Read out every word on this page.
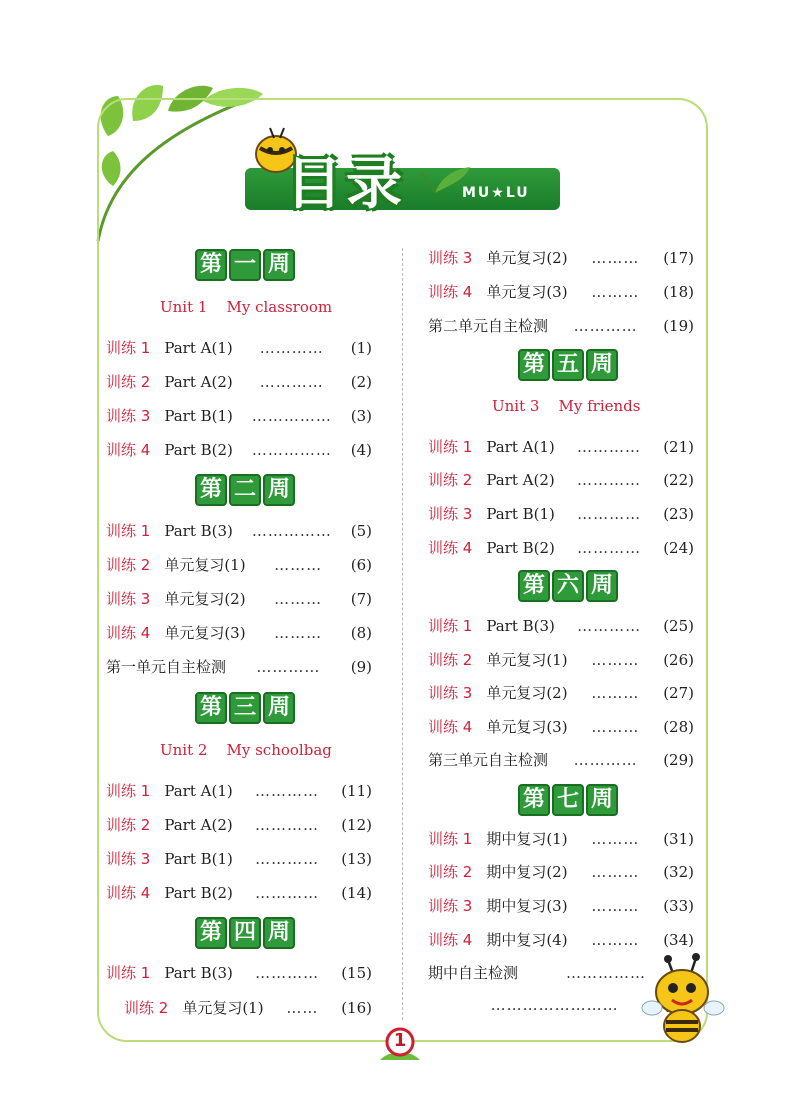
目录	MU★LU
第 一 周
Unit 1    My classroom
训练 1 Part A(1)	…………	(1)
训练 2 Part A(2)	…………	(2)
训练 3 Part B(1)	……………	(3)
训练 4 Part B(2)	……………	(4)
第 二 周
训练 1 Part B(3)	……………	(5)
训练 2 单元复习(1)	………	(6)
训练 3 单元复习(2)	………	(7)
训练 4 单元复习(3)	………	(8)
第一单元自主检测	…………	(9)
第 三 周
Unit 2    My schoolbag
训练 1 Part A(1)	…………	(11)
训练 2 Part A(2)	…………	(12)
训练 3 Part B(1)	…………	(13)
训练 4 Part B(2)	…………	(14)
第 四 周
训练 1 Part B(3)	…………	(15)
训练 2 单元复习(1)	……	(16)
训练 3 单元复习(2)	………	(17)
训练 4 单元复习(3)	………	(18)
第二单元自主检测	…………	(19)
第 五 周
Unit 3    My friends
训练 1 Part A(1)	…………	(21)
训练 2 Part A(2)	…………	(22)
训练 3 Part B(1)	…………	(23)
训练 4 Part B(2)	…………	(24)
第 六 周
训练 1 Part B(3)	…………	(25)
训练 2 单元复习(1)	………	(26)
训练 3 单元复习(2)	………	(27)
训练 4 单元复习(3)	………	(28)
第三单元自主检测	…………	(29)
第 七 周
训练 1 期中复习(1)	………	(31)
训练 2 期中复习(2)	………	(32)
训练 3 期中复习(3)	………	(33)
训练 4 期中复习(4)	………	(34)
期中自主检测	……………
……………………
1
